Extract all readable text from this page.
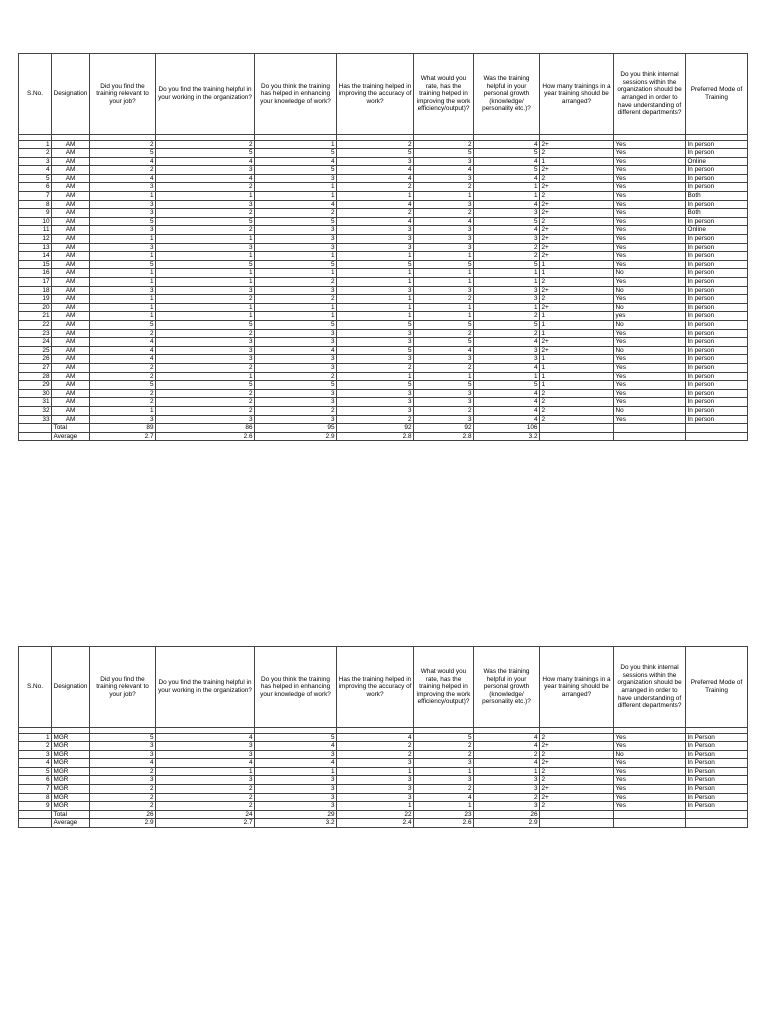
S.No.	Designation	Did you find the training relevant to your job?	Do you find the training helpful in your working in the organization?	Do you think the training has helped in enhancing your knowledge of work?	Has the training helped in improving the accuracy of work?	What would you rate, has the training helped in improving the work efficiency/output)?	Was the training helpful in your personal growth (knowledge/ personality etc.)?	How many trainings in a year training should be arranged?	Do you think internal sessions within the organization should be arranged in order to have understanding of different departments?	Preferred Mode of Training

1	AM	2	2	1	2	2	4	2+	Yes	In person
2	AM	5	5	5	5	5	5	2	Yes	In person
3	AM	4	4	4	3	3	4	1	Yes	Online
4	AM	2	3	5	4	4	5	2+	Yes	In person
5	AM	4	4	3	4	3	4	2	Yes	In person
6	AM	3	2	1	2	2	1	2+	Yes	In person
7	AM	1	1	1	1	1	1	2	Yes	Both
8	AM	3	3	4	4	3	4	2+	Yes	In person
9	AM	3	2	2	2	2	3	2+	Yes	Both
10	AM	5	5	5	4	4	5	2	Yes	In person
11	AM	3	2	3	3	3	4	2+	Yes	Online
12	AM	1	1	3	3	3	3	2+	Yes	In person
13	AM	3	3	3	3	3	2	2+	Yes	In person
14	AM	1	1	1	1	1	2	2+	Yes	In person
15	AM	5	5	5	5	5	5	1	Yes	In person
16	AM	1	1	1	1	1	1	1	No	In person
17	AM	1	1	2	1	1	1	2	Yes	In person
18	AM	3	3	3	3	3	3	2+	No	In person
19	AM	1	2	2	1	2	3	2	Yes	In person
20	AM	1	1	1	1	1	1	2+	No	In person
21	AM	1	1	1	1	1	2	1	yes	In person
22	AM	5	5	5	5	5	5	1	No	In person
23	AM	2	2	3	3	2	2	1	Yes	In person
24	AM	4	3	3	3	5	4	2+	Yes	In person
25	AM	4	3	4	5	4	3	2+	No	In person
26	AM	4	3	3	3	3	3	1	Yes	In person
27	AM	2	2	3	2	2	4	1	Yes	In person
28	AM	2	1	2	1	1	1	1	Yes	In person
29	AM	5	5	5	5	5	5	1	Yes	In person
30	AM	2	2	3	3	3	4	2	Yes	In person
31	AM	2	2	3	3	3	4	2	Yes	In person
32	AM	1	2	2	3	2	4	2	No	In person
33	AM	3	3	3	2	3	4	2	Yes	In person
	Total	89	86	95	92	92	106			
	Average	2.7	2.6	2.9	2.8	2.8	3.2			
S.No.	Designation	Did you find the training relevant to your job?	Do you find the training helpful in your working in the organization?	Do you think the training has helped in enhancing your knowledge of work?	Has the training helped in improving the accuracy of work?	What would you rate, has the training helped in improving the work efficiency/output)?	Was the training helpful in your personal growth (knowledge/ personality etc.)?	How many trainings in a year training should be arranged?	Do you think internal sessions within the organization should be arranged in order to have understanding of different departments?	Preferred Mode of Training

1	MGR	5	4	5	4	5	4	2	Yes	In Person
2	MGR	3	3	4	2	2	4	2+	Yes	In Person
3	MGR	3	3	3	2	2	2	2	No	In Person
4	MGR	4	4	4	3	3	4	2+	Yes	In Person
5	MGR	2	1	1	1	1	1	2	Yes	In Person
6	MGR	3	3	3	3	3	3	2	Yes	In Person
7	MGR	2	2	3	3	2	3	2+	Yes	In Person
8	MGR	2	2	3	3	4	2	2+	Yes	In Person
9	MGR	2	2	3	1	1	3	2	Yes	In Person
	Total	26	24	29	22	23	26			
	Average	2.9	2.7	3.2	2.4	2.6	2.9			
